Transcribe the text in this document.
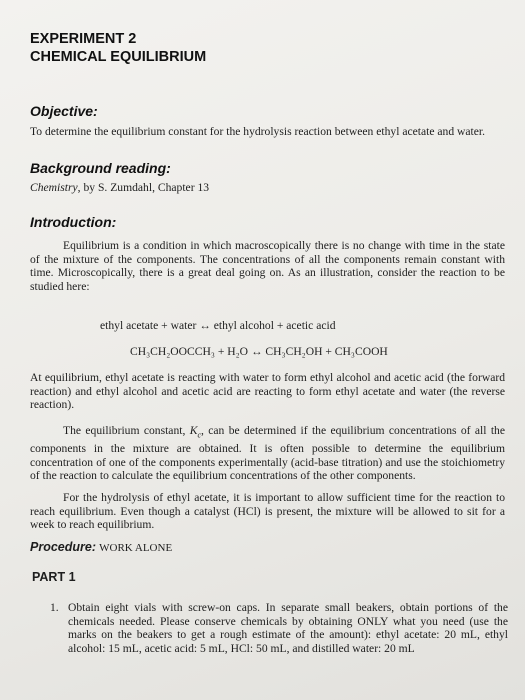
EXPERIMENT 2
CHEMICAL EQUILIBRIUM
Objective:
To determine the equilibrium constant for the hydrolysis reaction between ethyl acetate and water.
Background reading:
Chemistry, by S. Zumdahl, Chapter 13
Introduction:
Equilibrium is a condition in which macroscopically there is no change with time in the state of the mixture of the components. The concentrations of all the components remain constant with time. Microscopically, there is a great deal going on. As an illustration, consider the reaction to be studied here:
ethyl acetate + water ↔ ethyl alcohol + acetic acid
CH₃CH₂OOCCH₃ + H₂O ↔ CH₃CH₂OH + CH₃COOH
At equilibrium, ethyl acetate is reacting with water to form ethyl alcohol and acetic acid (the forward reaction) and ethyl alcohol and acetic acid are reacting to form ethyl acetate and water (the reverse reaction).
The equilibrium constant, $K_c$, can be determined if the equilibrium concentrations of all the components in the mixture are obtained. It is often possible to determine the equilibrium concentration of one of the components experimentally (acid-base titration) and use the stoichiometry of the reaction to calculate the equilibrium concentrations of the other components.
For the hydrolysis of ethyl acetate, it is important to allow sufficient time for the reaction to reach equilibrium. Even though a catalyst (HCl) is present, the mixture will be allowed to sit for a week to reach equilibrium.
Procedure: WORK ALONE
PART 1
1. Obtain eight vials with screw-on caps. In separate small beakers, obtain portions of the chemicals needed. Please conserve chemicals by obtaining ONLY what you need (use the marks on the beakers to get a rough estimate of the amount): ethyl acetate: 20 mL, ethyl alcohol: 15 mL, acetic acid: 5 mL, HCl: 50 mL, and distilled water: 20 mL
